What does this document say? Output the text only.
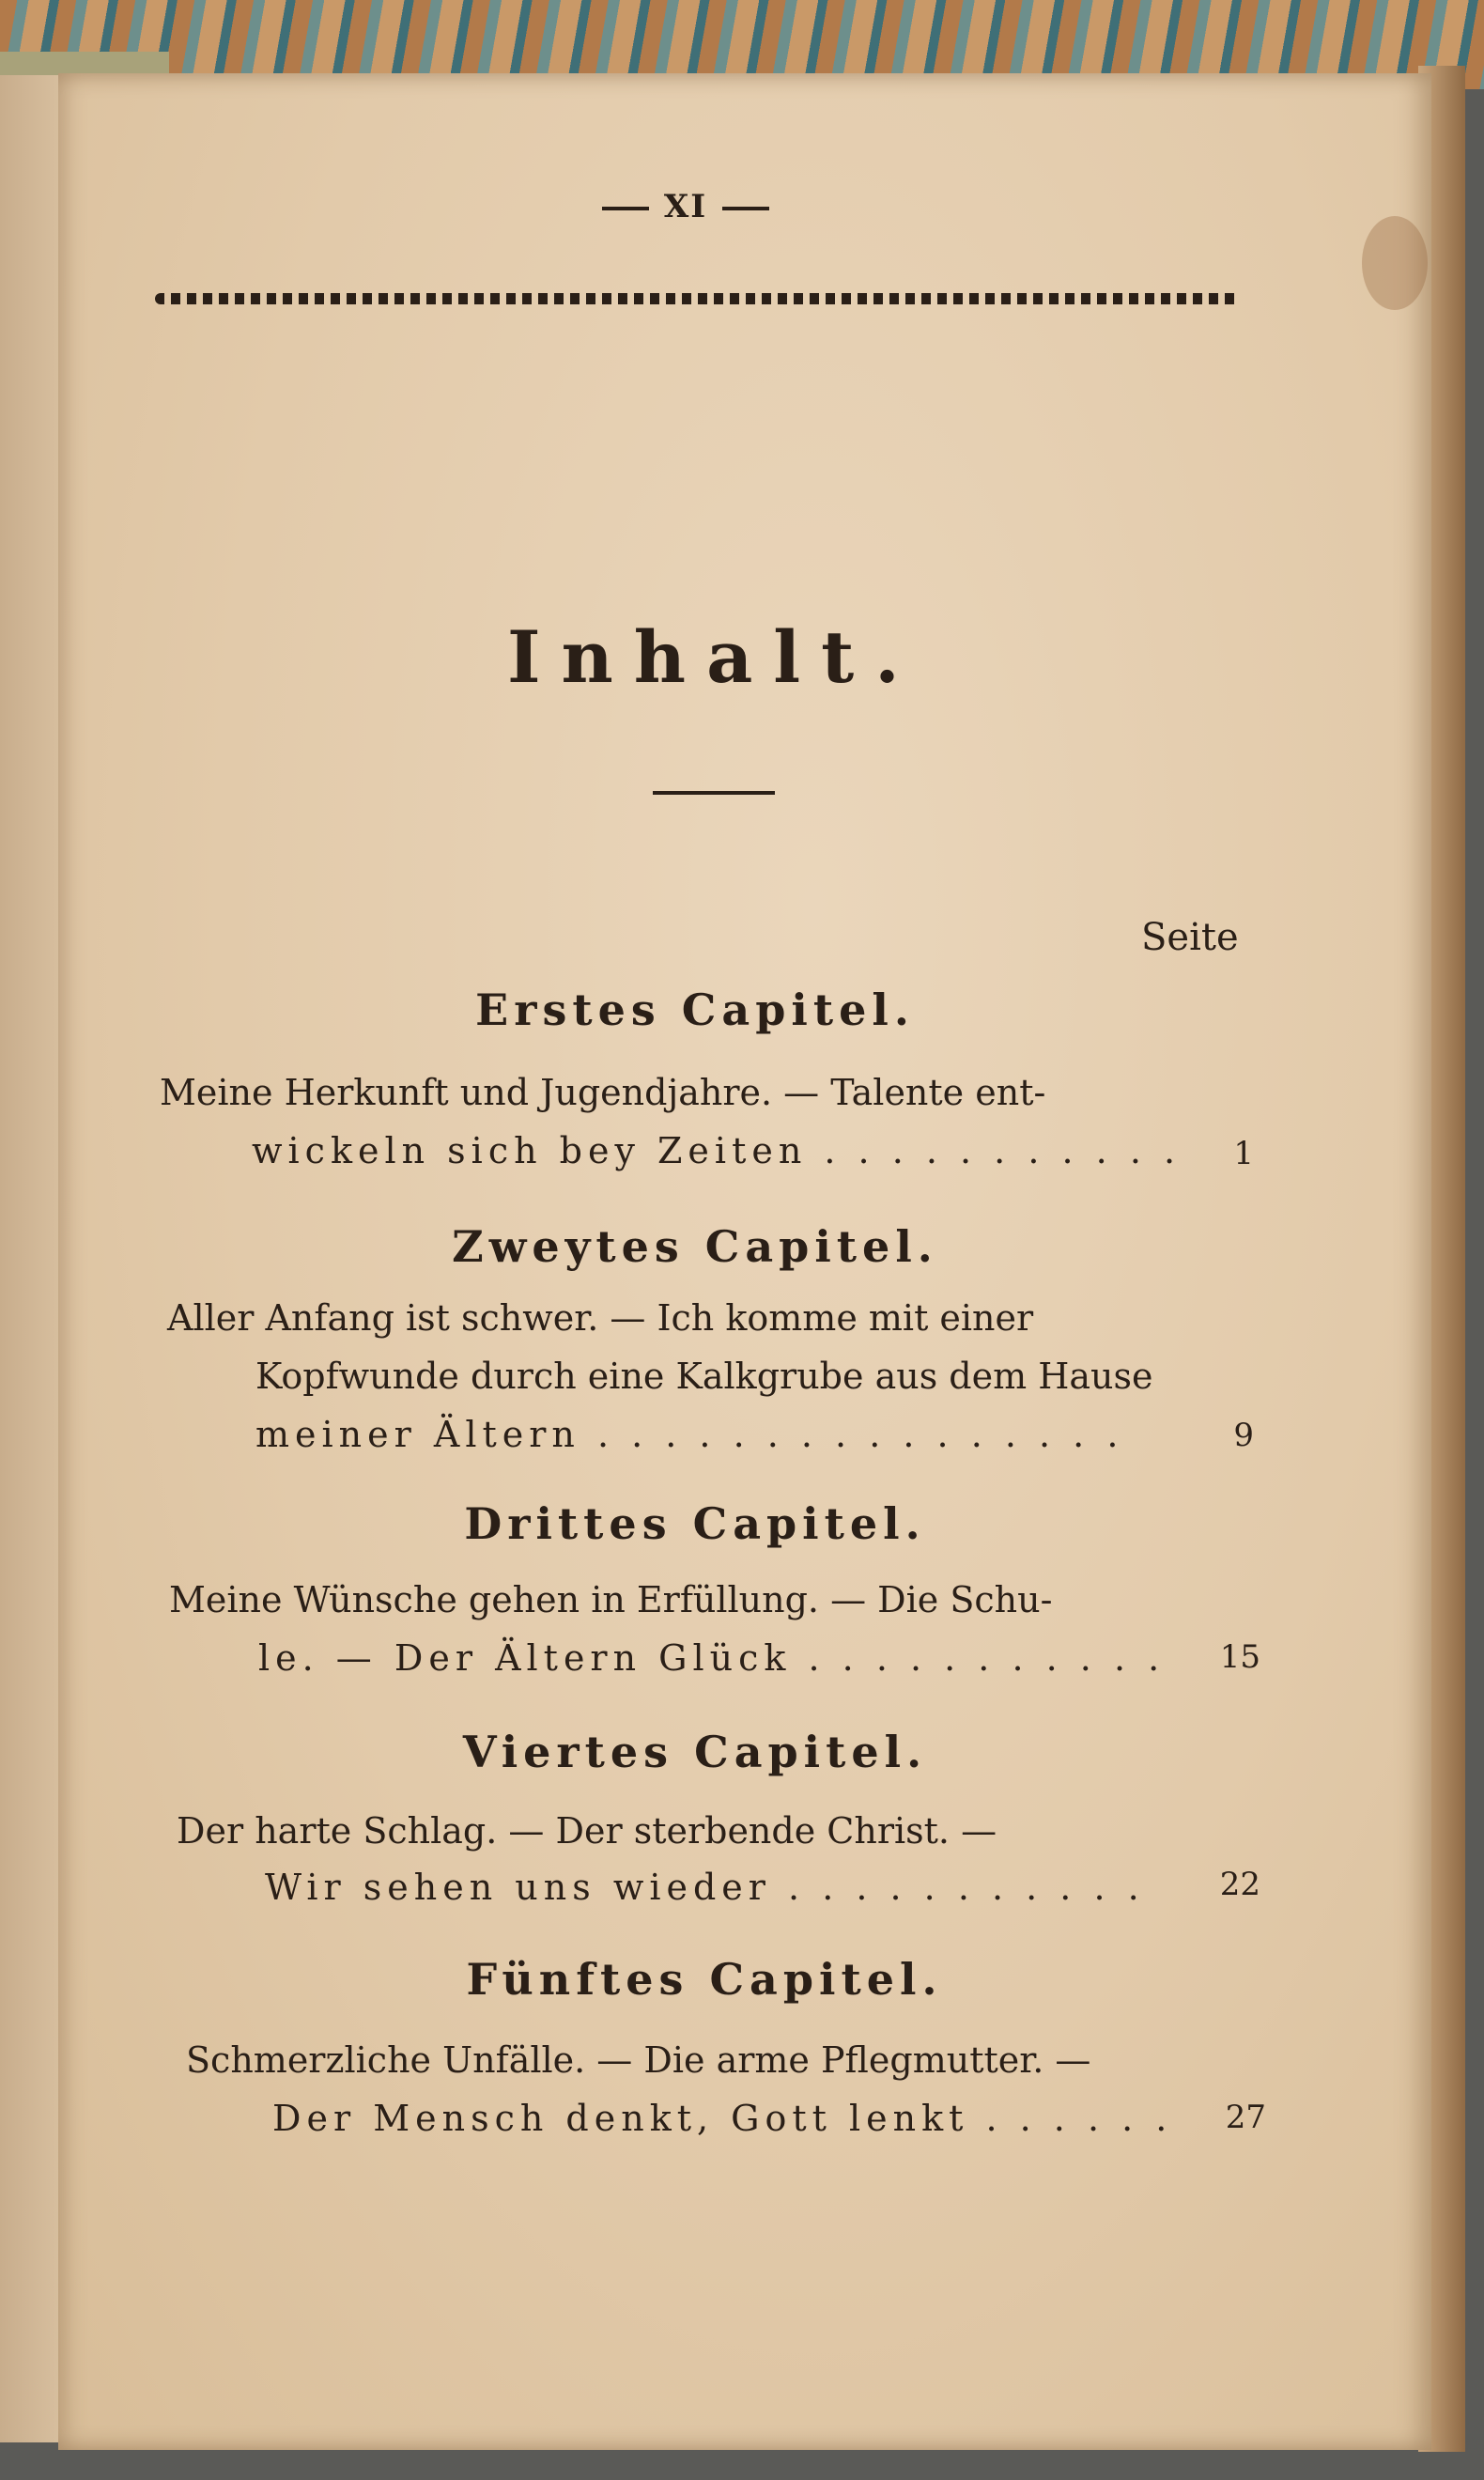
XI
Inhalt.
Seite
Erstes Capitel.
Meine Herkunft und Jugendjahre. — Talente ent-
wickeln sich bey Zeiten . . . . . . . . . . .	1
Zweytes Capitel.
Aller Anfang ist schwer. — Ich komme mit einer
Kopfwunde durch eine Kalkgrube aus dem Hause
meiner Ältern . . . . . . . . . . . . . . . .	9
Drittes Capitel.
Meine Wünsche gehen in Erfüllung. — Die Schu-
le. — Der Ältern Glück . . . . . . . . . . .	15
Viertes Capitel.
Der harte Schlag. — Der sterbende Christ. —
Wir sehen uns wieder . . . . . . . . . . .	22
Fünftes Capitel.
Schmerzliche Unfälle. — Die arme Pflegmutter. —
Der Mensch denkt, Gott lenkt . . . . . .	27
